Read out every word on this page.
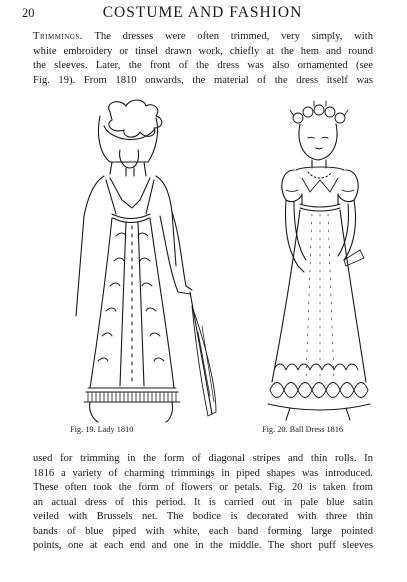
20	COSTUME AND FASHION
Trimmings. The dresses were often trimmed, very simply, with
white embroidery or tinsel drawn work, chiefly at the hem and round
the sleeves. Later, the front of the dress was also ornamented (see
Fig. 19). From 1810 onwards, the material of the dress itself was
Fig. 19. Lady 1810	Fig. 20. Ball Dress 1816
used for trimming in the form of diagonal stripes and thin rolls. In
1816 a variety of charming trimmings in piped shapes was introduced.
These often took the form of flowers or petals. Fig. 20 is taken from
an actual dress of this period. It is carried out in pale blue satin
veiled with Brussels net. The bodice is decorated with three thin
bands of blue piped with white, each band forming large pointed
points, one at each end and one in the middle. The short puff sleeves
